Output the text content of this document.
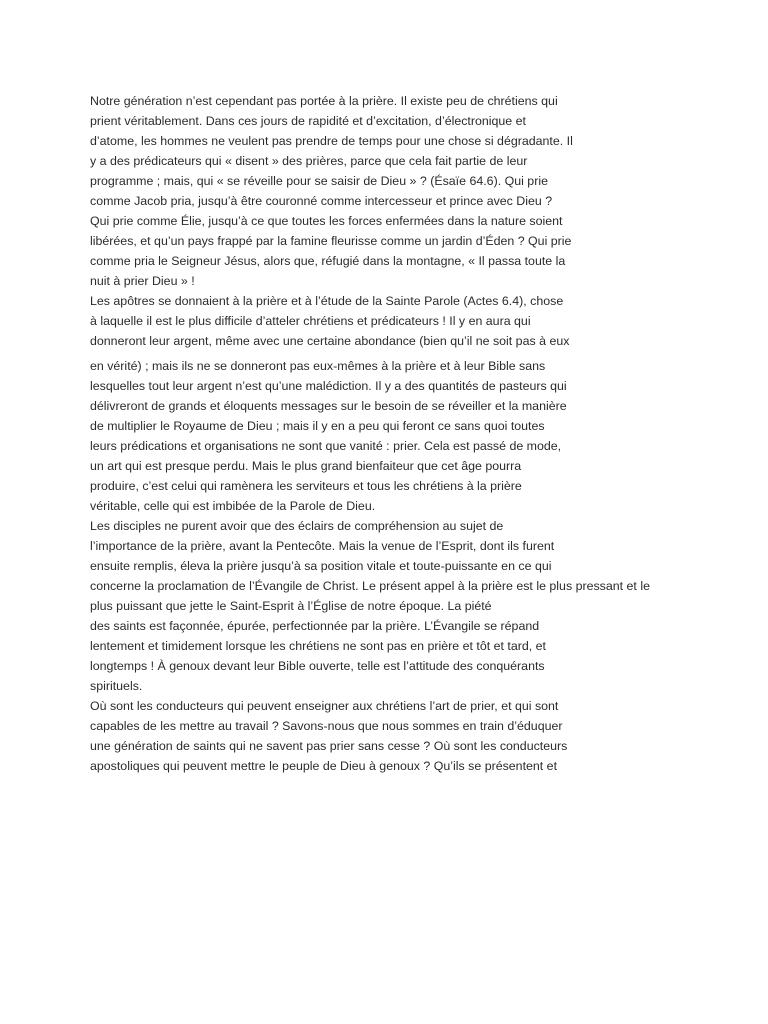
Notre génération n’est cependant pas portée à la prière. Il existe peu de chrétiens qui

prient véritablement. Dans ces jours de rapidité et d’excitation, d’électronique et

d’atome, les hommes ne veulent pas prendre de temps pour une chose si dégradante. Il

y a des prédicateurs qui « disent » des prières, parce que cela fait partie de leur

programme ; mais, qui « se réveille pour se saisir de Dieu » ? (Ésaïe 64.6). Qui prie

comme Jacob pria, jusqu’à être couronné comme intercesseur et prince avec Dieu ?

Qui prie comme Élie, jusqu’à ce que toutes les forces enfermées dans la nature soient

libérées, et qu’un pays frappé par la famine fleurisse comme un jardin d’Éden ? Qui prie

comme pria le Seigneur Jésus, alors que, réfugié dans la montagne, « Il passa toute la

nuit à prier Dieu » !

Les apôtres se donnaient à la prière et à l’étude de la Sainte Parole (Actes 6.4), chose

à laquelle il est le plus difficile d’atteler chrétiens et prédicateurs ! Il y en aura qui

donneront leur argent, même avec une certaine abondance (bien qu’il ne soit pas à eux

en vérité) ; mais ils ne se donneront pas eux-mêmes à la prière et à leur Bible sans

lesquelles tout leur argent n’est qu’une malédiction. Il y a des quantités de pasteurs qui

délivreront de grands et éloquents messages sur le besoin de se réveiller et la manière

de multiplier le Royaume de Dieu ; mais il y en a peu qui feront ce sans quoi toutes

leurs prédications et organisations ne sont que vanité : prier. Cela est passé de mode,

un art qui est presque perdu. Mais le plus grand bienfaiteur que cet âge pourra

produire, c’est celui qui ramènera les serviteurs et tous les chrétiens à la prière

véritable, celle qui est imbibée de la Parole de Dieu.

Les disciples ne purent avoir que des éclairs de compréhension au sujet de

l’importance de la prière, avant la Pentecôte. Mais la venue de l’Esprit, dont ils furent

ensuite remplis, éleva la prière jusqu’à sa position vitale et toute-puissante en ce qui

concerne la proclamation de l’Évangile de Christ. Le présent appel à la prière est le plus pressant et le

plus puissant que jette le Saint-Esprit à l’Église de notre époque. La piété

des saints est façonnée, épurée, perfectionnée par la prière. L’Évangile se répand

lentement et timidement lorsque les chrétiens ne sont pas en prière et tôt et tard, et

longtemps ! À genoux devant leur Bible ouverte, telle est l’attitude des conquérants

spirituels.

Où sont les conducteurs qui peuvent enseigner aux chrétiens l’art de prier, et qui sont

capables de les mettre au travail ? Savons-nous que nous sommes en train d’éduquer

une génération de saints qui ne savent pas prier sans cesse ? Où sont les conducteurs

apostoliques qui peuvent mettre le peuple de Dieu à genoux ? Qu’ils se présentent et
